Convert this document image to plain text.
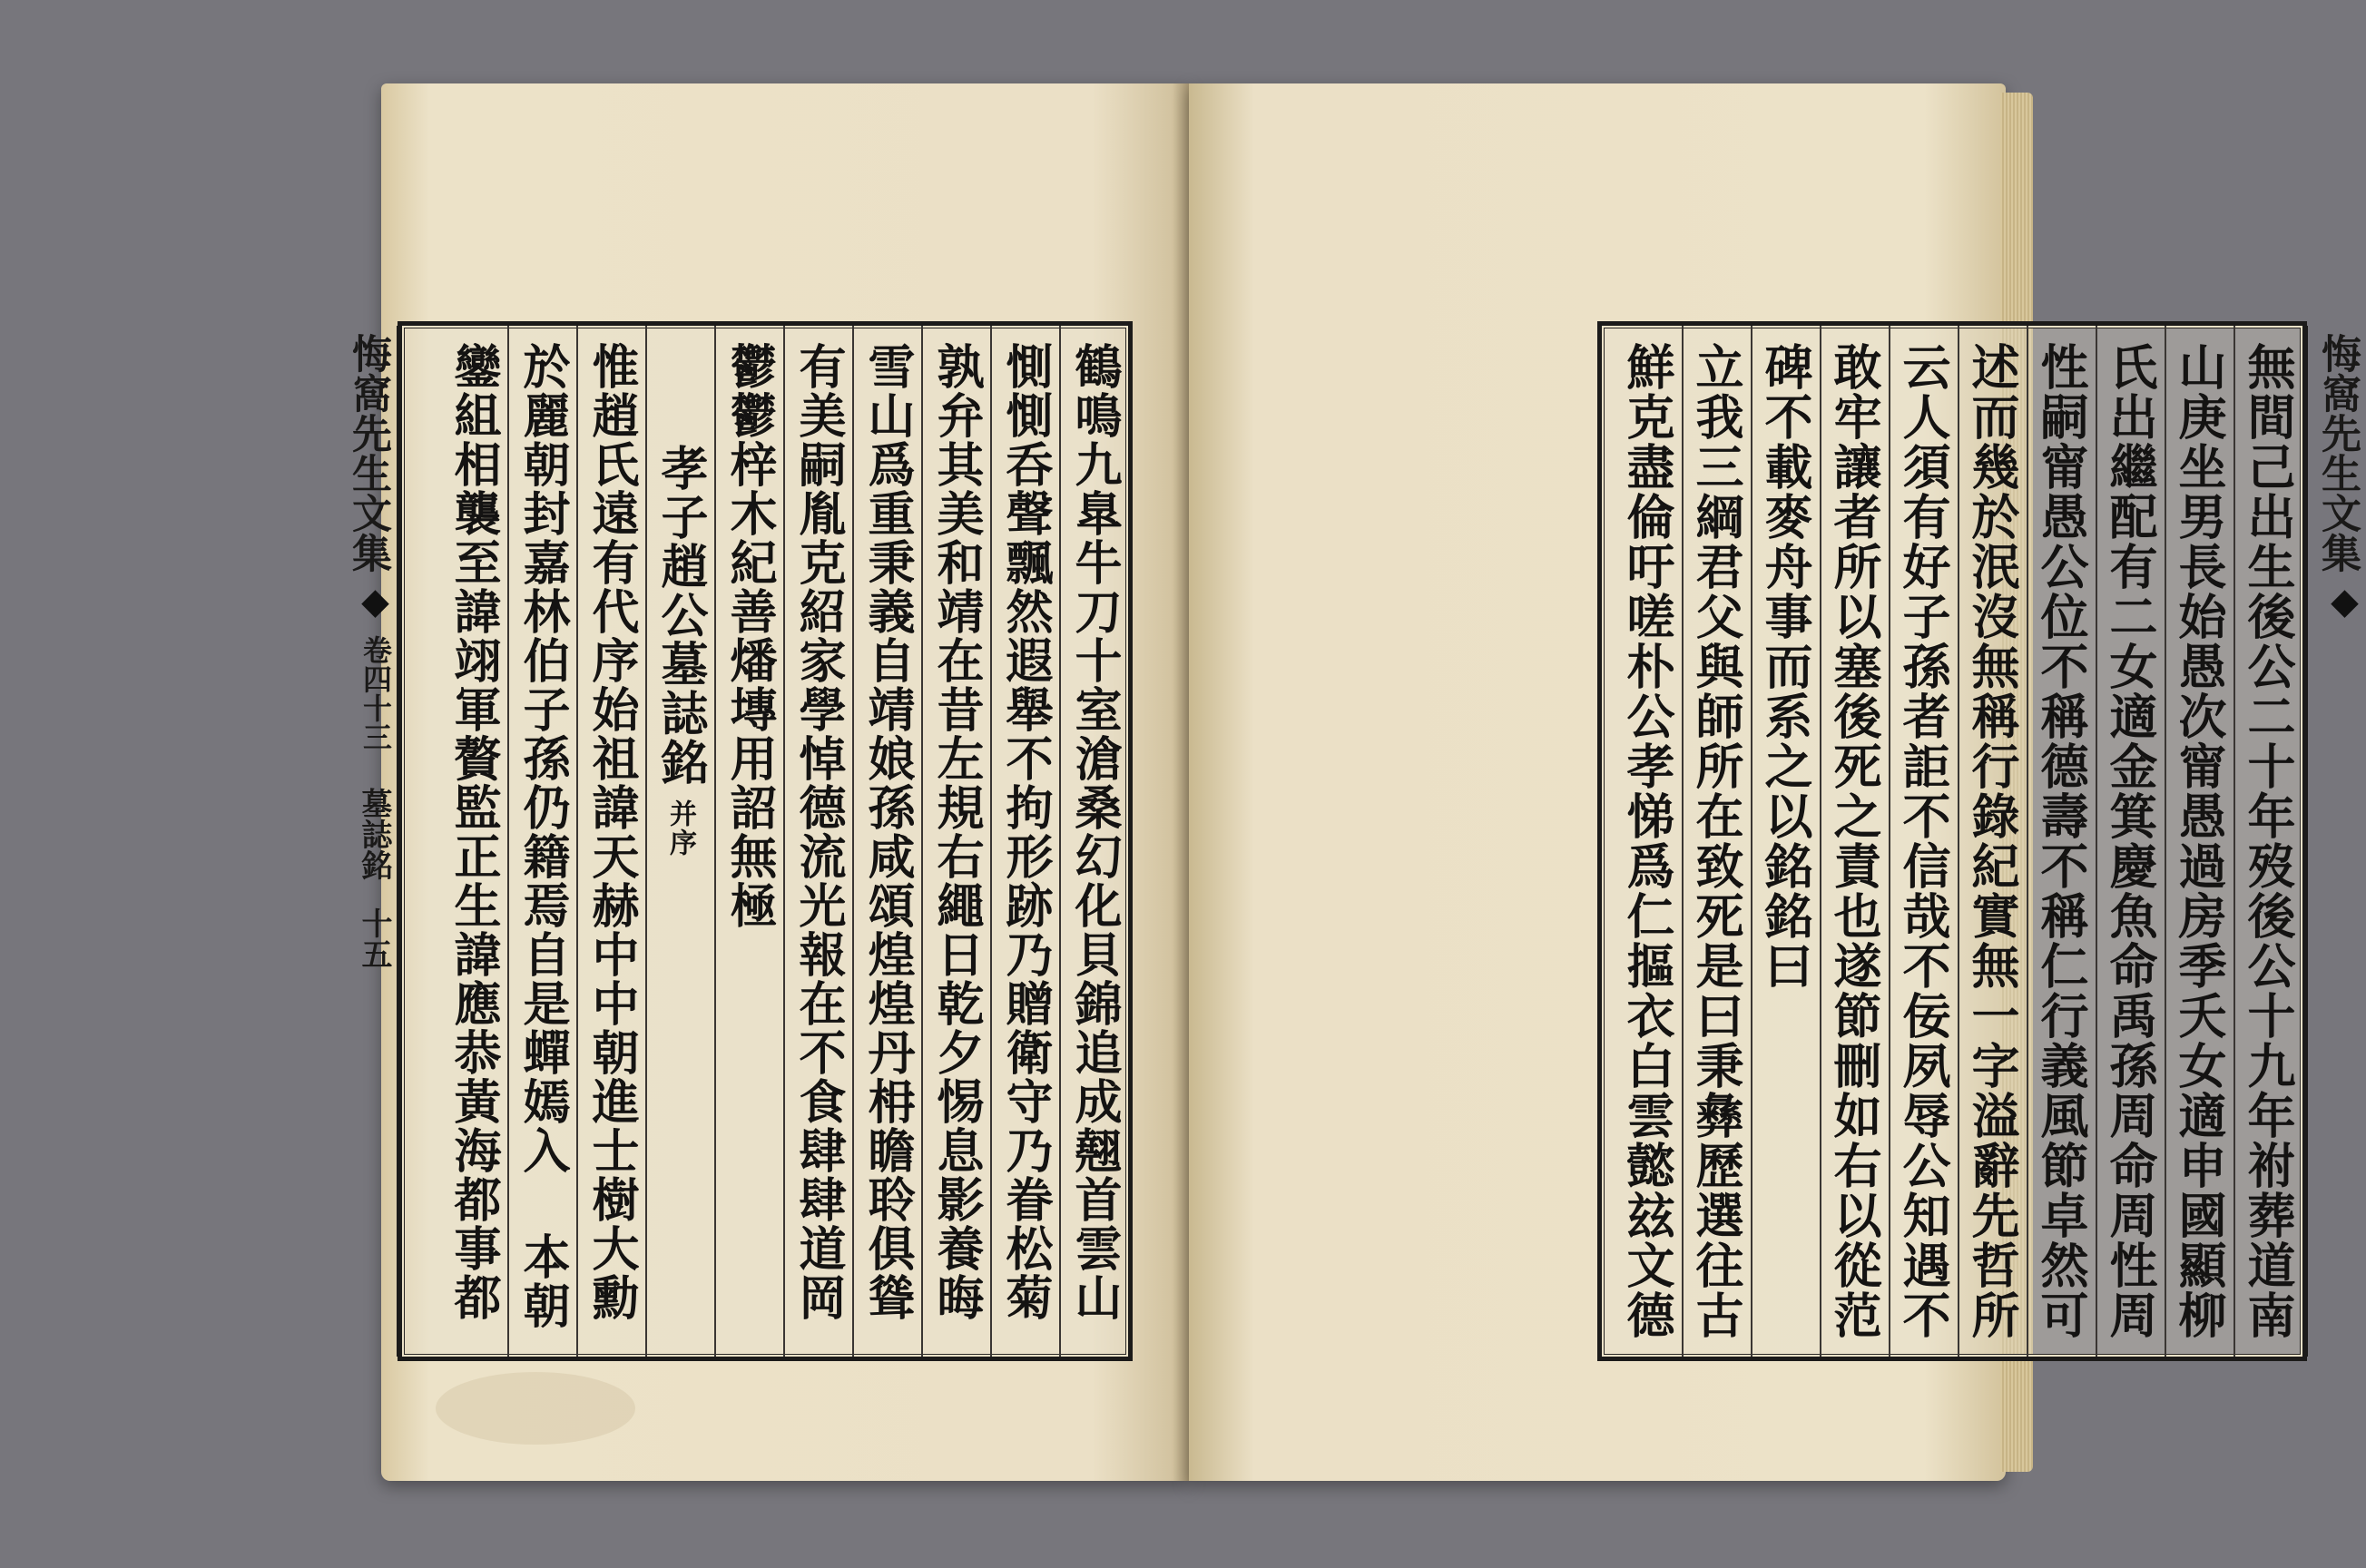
悔窩先生文集
◆
卷四十三
墓誌銘
十五	鶴鳴九臯牛刀十室滄桑幻化貝錦追成翹首雲山
惻惻呑聲飄然遐舉不拘形跡乃贈衛守乃眷松菊
孰弁其美和靖在昔左規右繩日乾夕惕息影養晦
雪山爲重秉義自靖娘孫咸頌煌煌丹枏瞻聆俱聳
有美嗣胤克紹家學悼德流光報在不食肆肆道岡
鬱鬱梓木紀善燔塼用詔無極
孝子趙公墓誌銘并序
惟趙氏遠有代序始祖諱天赫中中朝進士樹大勳
於麗朝封嘉林伯子孫仍籍焉自是蟬嫣入 本朝
鑾組相襲至諱翊軍贅監正生諱應恭黃海都事都	悔窩先生文集
◆
無間己出生後公二十年歿後公十九年祔葬道南
山庚坐男長始愚次甯愚過房季夭女適申國顯柳
氏出繼配有二女適金箕慶魚命禹孫周命周性周
性嗣甯愚公位不稱德壽不稱仁行義風節卓然可
述而幾於泯沒無稱行錄紀實無一字溢辭先哲所
云人須有好子孫者詎不信哉不佞夙辱公知遇不
敢牢讓者所以塞後死之責也遂節刪如右以從范
碑不載麥舟事而系之以銘銘曰
立我三綱君父與師所在致死是曰秉彝歷選往古
鮮克盡倫吁嗟朴公孝悌爲仁摳衣白雲懿玆文德
